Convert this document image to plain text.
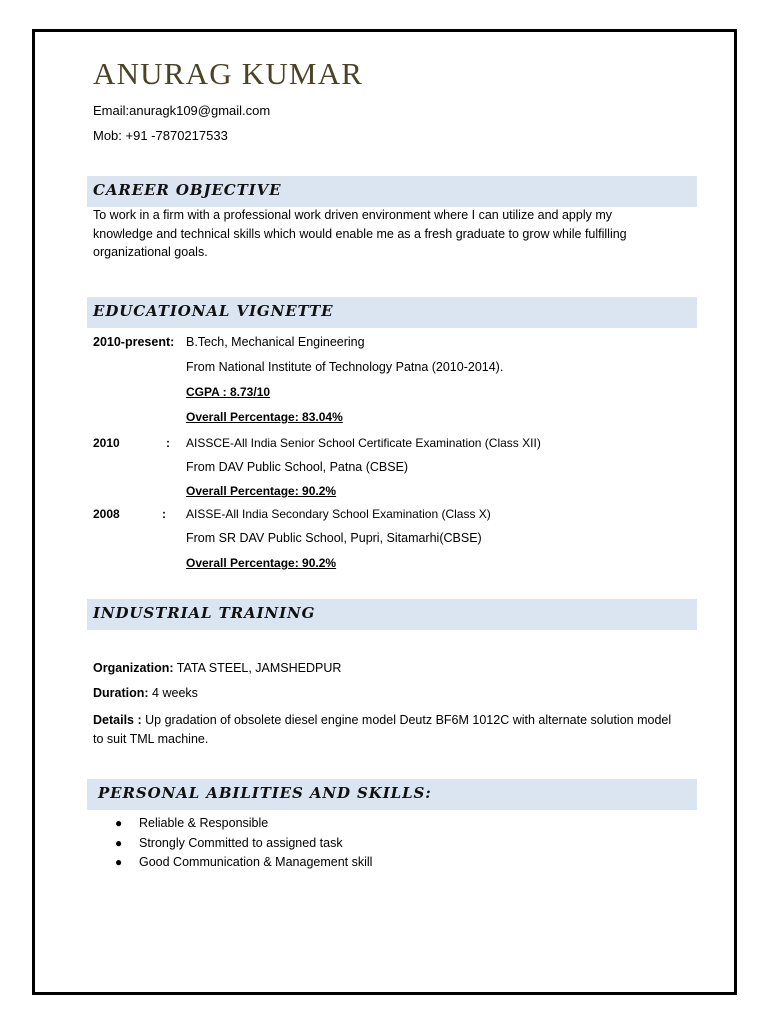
ANURAG KUMAR
Email:anuragk109@gmail.com
Mob: +91 -7870217533
CAREER OBJECTIVE
To work in a firm with a professional work driven environment where I can utilize and apply my knowledge and technical skills which would enable me as a fresh graduate to grow while fulfilling organizational goals.
EDUCATIONAL VIGNETTE
2010-present: B.Tech, Mechanical Engineering
From National Institute of Technology Patna (2010-2014).
CGPA : 8.73/10
Overall Percentage: 83.04%
2010	: AISSCE-All India Senior School Certificate Examination (Class XII)
From DAV Public School, Patna (CBSE)
Overall Percentage: 90.2%
2008	: AISSE-All India Secondary School Examination (Class X)
From SR DAV Public School, Pupri, Sitamarhi(CBSE)
Overall Percentage: 90.2%
INDUSTRIAL TRAINING
Organization: TATA STEEL, JAMSHEDPUR
Duration: 4 weeks
Details : Up gradation of obsolete diesel engine model Deutz BF6M 1012C with alternate solution model to suit TML machine.
PERSONAL ABILITIES AND SKILLS:
● Reliable & Responsible
● Strongly Committed to assigned task
● Good Communication & Management skill
